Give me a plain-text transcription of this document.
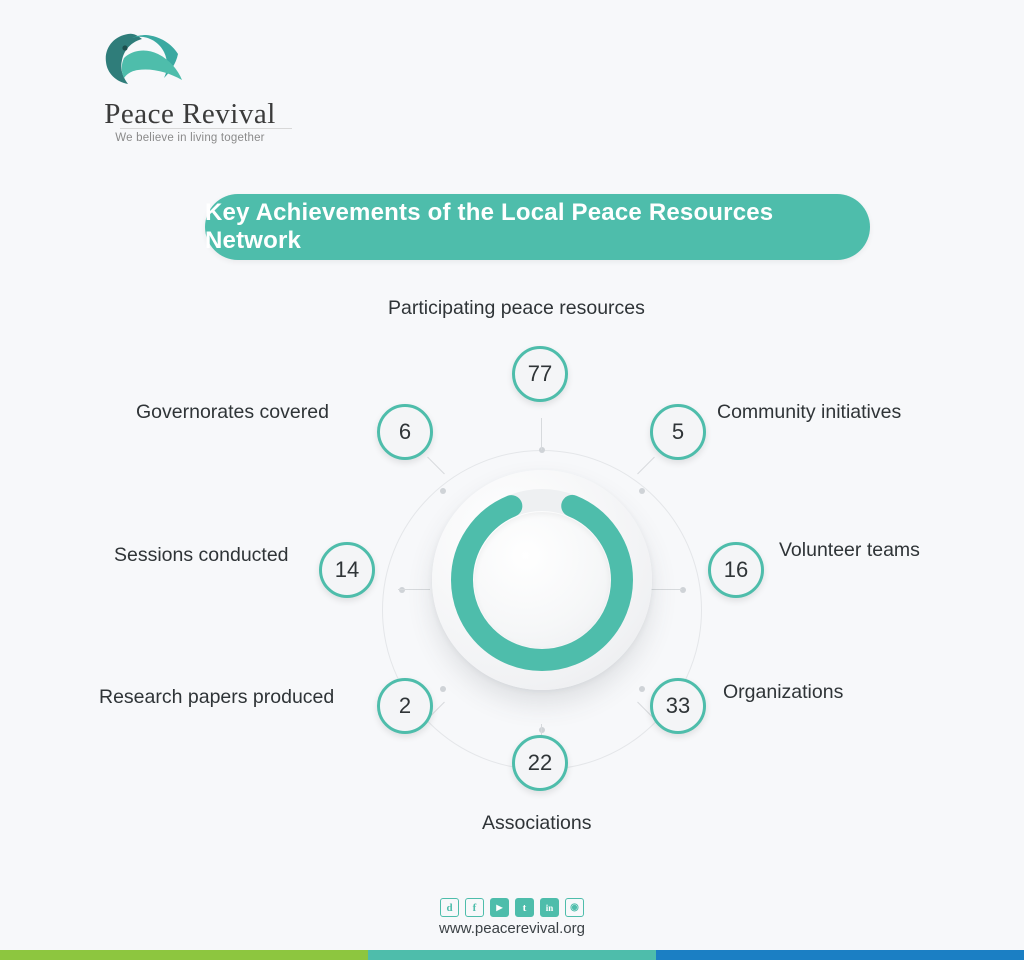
Peace Revival
We believe in living together
Key Achievements of the Local Peace Resources Network
77
Participating peace resources
5
Community initiatives
16
Volunteer teams
33
Organizations
22
Associations
2
Research papers produced
14
Sessions conducted
6
Governorates covered
d	f	▶	t	in	◉
www.peacerevival.org
